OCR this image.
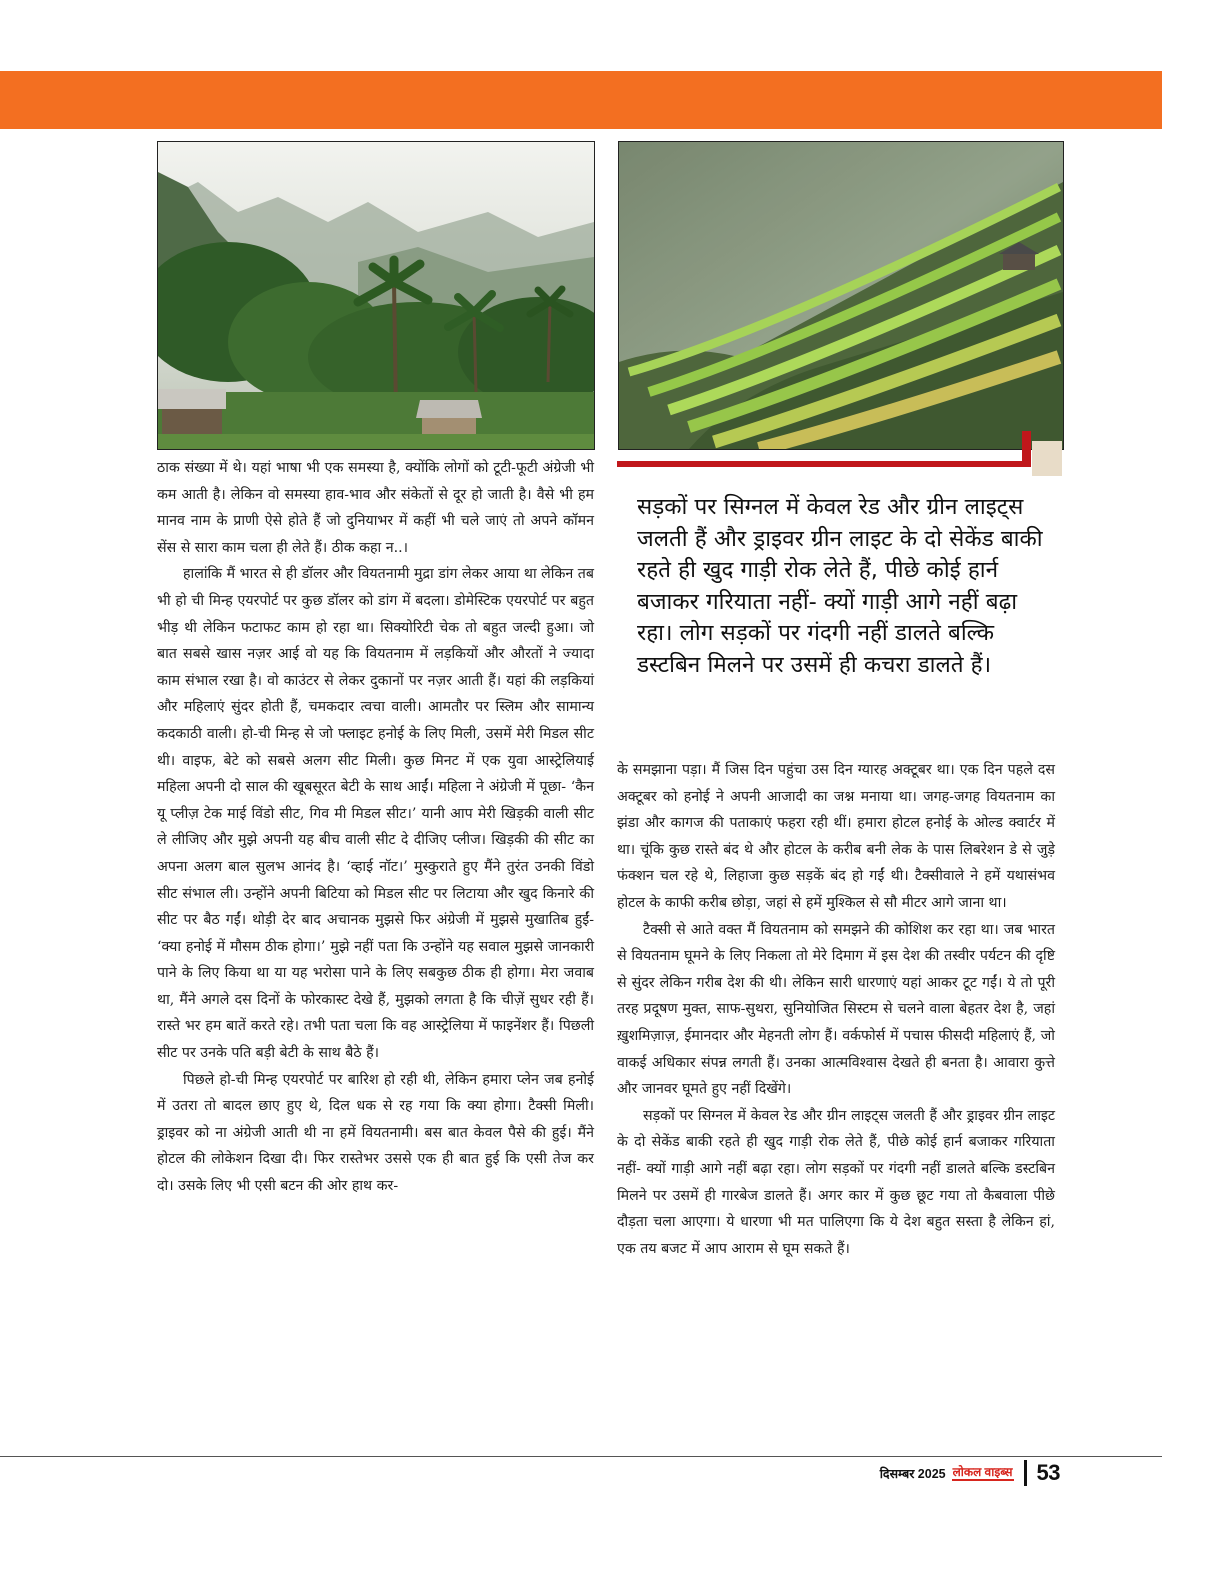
सड़कों पर सिग्नल में केवल रेड और ग्रीन लाइट्स जलती हैं और ड्राइवर ग्रीन लाइट के दो सेकेंड बाकी रहते ही खुद गाड़ी रोक लेते हैं, पीछे कोई हार्न बजाकर गरियाता नहीं- क्यों गाड़ी आगे नहीं बढ़ा रहा। लोग सड़कों पर गंदगी नहीं डालते बल्कि डस्टबिन मिलने पर उसमें ही कचरा डालते हैं।

ठाक संख्या में थे। यहां भाषा भी एक समस्या है, क्योंकि लोगों को टूटी-फूटी अंग्रेजी भी कम आती है। लेकिन वो समस्या हाव-भाव और संकेतों से दूर हो जाती है। वैसे भी हम मानव नाम के प्राणी ऐसे होते हैं जो दुनियाभर में कहीं भी चले जाएं तो अपने कॉमन सेंस से सारा काम चला ही लेते हैं। ठीक कहा न..।

हालांकि मैं भारत से ही डॉलर और वियतनामी मुद्रा डांग लेकर आया था लेकिन तब भी हो ची मिन्ह एयरपोर्ट पर कुछ डॉलर को डांग में बदला। डोमेस्टिक एयरपोर्ट पर बहुत भीड़ थी लेकिन फटाफट काम हो रहा था। सिक्योरिटी चेक तो बहुत जल्दी हुआ। जो बात सबसे खास नज़र आई वो यह कि वियतनाम में लड़कियों और औरतों ने ज्यादा काम संभाल रखा है। वो काउंटर से लेकर दुकानों पर नज़र आती हैं। यहां की लड़कियां और महिलाएं सुंदर होती हैं, चमकदार त्वचा वाली। आमतौर पर स्लिम और सामान्य कदकाठी वाली। हो-ची मिन्ह से जो फ्लाइट हनोई के लिए मिली, उसमें मेरी मिडल सीट थी। वाइफ, बेटे को सबसे अलग सीट मिली। कुछ मिनट में एक युवा आस्ट्रेलियाई महिला अपनी दो साल की खूबसूरत बेटी के साथ आईं। महिला ने अंग्रेजी में पूछा- ‘कैन यू प्लीज़ टेक माई विंडो सीट, गिव मी मिडल सीट।’ यानी आप मेरी खिड़की वाली सीट ले लीजिए और मुझे अपनी यह बीच वाली सीट दे दीजिए प्लीज। खिड़की की सीट का अपना अलग बाल सुलभ आनंद है। ‘व्हाई नॉट।’ मुस्कुराते हुए मैंने तुरंत उनकी विंडो सीट संभाल ली। उन्होंने अपनी बिटिया को मिडल सीट पर लिटाया और खुद किनारे की सीट पर बैठ गईं। थोड़ी देर बाद अचानक मुझसे फिर अंग्रेजी में मुझसे मुखातिब हुईं- ‘क्या हनोई में मौसम ठीक होगा।’ मुझे नहीं पता कि उन्होंने यह सवाल मुझसे जानकारी पाने के लिए किया था या यह भरोसा पाने के लिए सबकुछ ठीक ही होगा। मेरा जवाब था, मैंने अगले दस दिनों के फोरकास्ट देखे हैं, मुझको लगता है कि चीज़ें सुधर रही हैं। रास्ते भर हम बातें करते रहे। तभी पता चला कि वह आस्ट्रेलिया में फाइनेंशर हैं। पिछली सीट पर उनके पति बड़ी बेटी के साथ बैठे हैं।

पिछले हो-ची मिन्ह एयरपोर्ट पर बारिश हो रही थी, लेकिन हमारा प्लेन जब हनोई में उतरा तो बादल छाए हुए थे, दिल धक से रह गया कि क्या होगा। टैक्सी मिली। ड्राइवर को ना अंग्रेजी आती थी ना हमें वियतनामी। बस बात केवल पैसे की हुई। मैंने होटल की लोकेशन दिखा दी। फिर रास्तेभर उससे एक ही बात हुई कि एसी तेज कर दो। उसके लिए भी एसी बटन की ओर हाथ कर-

के समझाना पड़ा। मैं जिस दिन पहुंचा उस दिन ग्यारह अक्टूबर था। एक दिन पहले दस अक्टूबर को हनोई ने अपनी आजादी का जश्न मनाया था। जगह-जगह वियतनाम का झंडा और कागज की पताकाएं फहरा रही थीं। हमारा होटल हनोई के ओल्ड क्वार्टर में था। चूंकि कुछ रास्ते बंद थे और होटल के करीब बनी लेक के पास लिबरेशन डे से जुड़े फंक्शन चल रहे थे, लिहाजा कुछ सड़कें बंद हो गईं थी। टैक्सीवाले ने हमें यथासंभव होटल के काफी करीब छोड़ा, जहां से हमें मुश्किल से सौ मीटर आगे जाना था।

टैक्सी से आते वक्त मैं वियतनाम को समझने की कोशिश कर रहा था। जब भारत से वियतनाम घूमने के लिए निकला तो मेरे दिमाग में इस देश की तस्वीर पर्यटन की दृष्टि से सुंदर लेकिन गरीब देश की थी। लेकिन सारी धारणाएं यहां आकर टूट गईं। ये तो पूरी तरह प्रदूषण मुक्त, साफ-सुथरा, सुनियोजित सिस्टम से चलने वाला बेहतर देश है, जहां ख़ुशमिज़ाज़, ईमानदार और मेहनती लोग हैं। वर्कफोर्स में पचास फीसदी महिलाएं हैं, जो वाकई अधिकार संपन्न लगती हैं। उनका आत्मविश्वास देखते ही बनता है। आवारा कुत्ते और जानवर घूमते हुए नहीं दिखेंगे।

सड़कों पर सिग्नल में केवल रेड और ग्रीन लाइट्स जलती हैं और ड्राइवर ग्रीन लाइट के दो सेकेंड बाकी रहते ही खुद गाड़ी रोक लेते हैं, पीछे कोई हार्न बजाकर गरियाता नहीं- क्यों गाड़ी आगे नहीं बढ़ा रहा। लोग सड़कों पर गंदगी नहीं डालते बल्कि डस्टबिन मिलने पर उसमें ही गारबेज डालते हैं। अगर कार में कुछ छूट गया तो कैबवाला पीछे दौड़ता चला आएगा। ये धारणा भी मत पालिएगा कि ये देश बहुत सस्ता है लेकिन हां, एक तय बजट में आप आराम से घूम सकते हैं।

दिसम्बर 2025 लोकल वाइब्स 53
